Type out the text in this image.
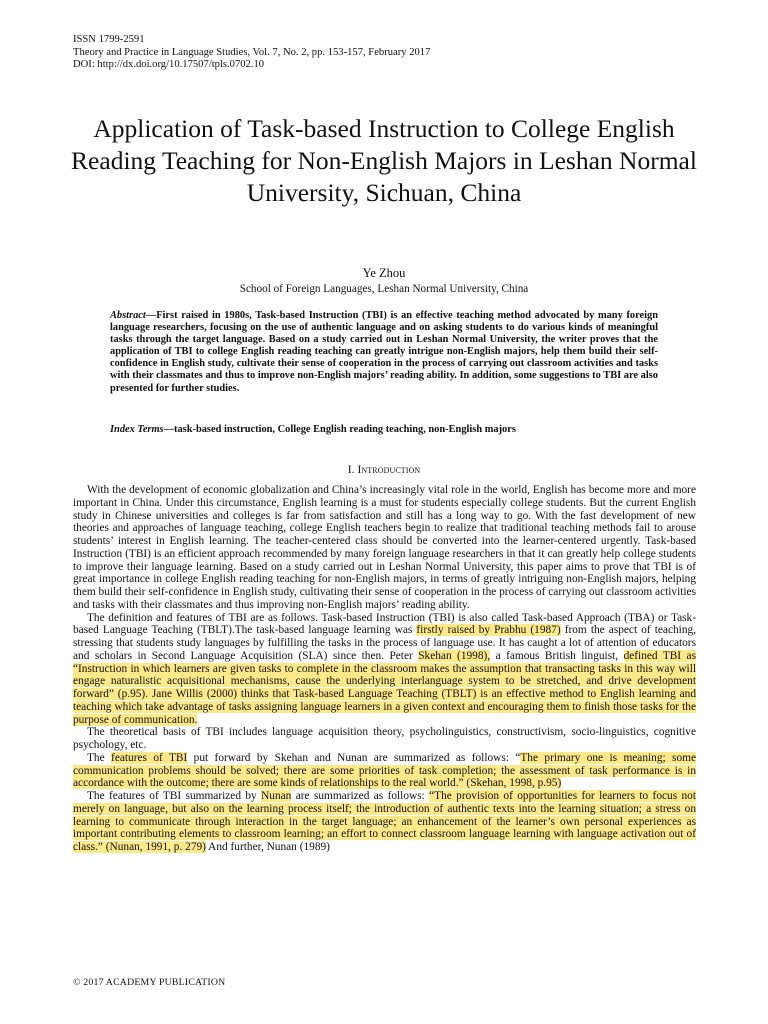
ISSN 1799-2591
Theory and Practice in Language Studies, Vol. 7, No. 2, pp. 153-157, February 2017
DOI: http://dx.doi.org/10.17507/tpls.0702.10
Application of Task-based Instruction to College English Reading Teaching for Non-English Majors in Leshan Normal University, Sichuan, China
Ye Zhou
School of Foreign Languages, Leshan Normal University, China

Abstract—First raised in 1980s, Task-based Instruction (TBI) is an effective teaching method advocated by many foreign language researchers, focusing on the use of authentic language and on asking students to do various kinds of meaningful tasks through the target language. Based on a study carried out in Leshan Normal University, the writer proves that the application of TBI to college English reading teaching can greatly intrigue non-English majors, help them build their self-confidence in English study, cultivate their sense of cooperation in the process of carrying out classroom activities and tasks with their classmates and thus to improve non-English majors’ reading ability. In addition, some suggestions to TBI are also presented for further studies.

Index Terms—task-based instruction, College English reading teaching, non-English majors

I. Introduction

With the development of economic globalization and China’s increasingly vital role in the world, English has become more and more important in China. Under this circumstance, English learning is a must for students especially college students. But the current English study in Chinese universities and colleges is far from satisfaction and still has a long way to go. With the fast development of new theories and approaches of language teaching, college English teachers begin to realize that traditional teaching methods fail to arouse students’ interest in English learning. The teacher-centered class should be converted into the learner-centered urgently. Task-based Instruction (TBI) is an efficient approach recommended by many foreign language researchers in that it can greatly help college students to improve their language learning. Based on a study carried out in Leshan Normal University, this paper aims to prove that TBI is of great importance in college English reading teaching for non-English majors, in terms of greatly intriguing non-English majors, helping them build their self-confidence in English study, cultivating their sense of cooperation in the process of carrying out classroom activities and tasks with their classmates and thus improving non-English majors’ reading ability.

The definition and features of TBI are as follows. Task-based Instruction (TBI) is also called Task-based Approach (TBA) or Task-based Language Teaching (TBLT).The task-based language learning was firstly raised by Prabhu (1987) from the aspect of teaching, stressing that students study languages by fulfilling the tasks in the process of language use. It has caught a lot of attention of educators and scholars in Second Language Acquisition (SLA) since then. Peter Skehan (1998), a famous British linguist, defined TBI as “Instruction in which learners are given tasks to complete in the classroom makes the assumption that transacting tasks in this way will engage naturalistic acquisitional mechanisms, cause the underlying interlanguage system to be stretched, and drive development forward” (p.95). Jane Willis (2000) thinks that Task-based Language Teaching (TBLT) is an effective method to English learning and teaching which take advantage of tasks assigning language learners in a given context and encouraging them to finish those tasks for the purpose of communication.

The theoretical basis of TBI includes language acquisition theory, psycholinguistics, constructivism, socio-linguistics, cognitive psychology, etc.

The features of TBI put forward by Skehan and Nunan are summarized as follows: “The primary one is meaning; some communication problems should be solved; there are some priorities of task completion; the assessment of task performance is in accordance with the outcome; there are some kinds of relationships to the real world.” (Skehan, 1998, p.95)

The features of TBI summarized by Nunan are summarized as follows: “The provision of opportunities for learners to focus not merely on language, but also on the learning process itself; the introduction of authentic texts into the learning situation; a stress on learning to communicate through interaction in the target language; an enhancement of the learner’s own personal experiences as important contributing elements to classroom learning; an effort to connect classroom language learning with language activation out of class.” (Nunan, 1991, p. 279) And further, Nunan (1989)

© 2017 ACADEMY PUBLICATION
